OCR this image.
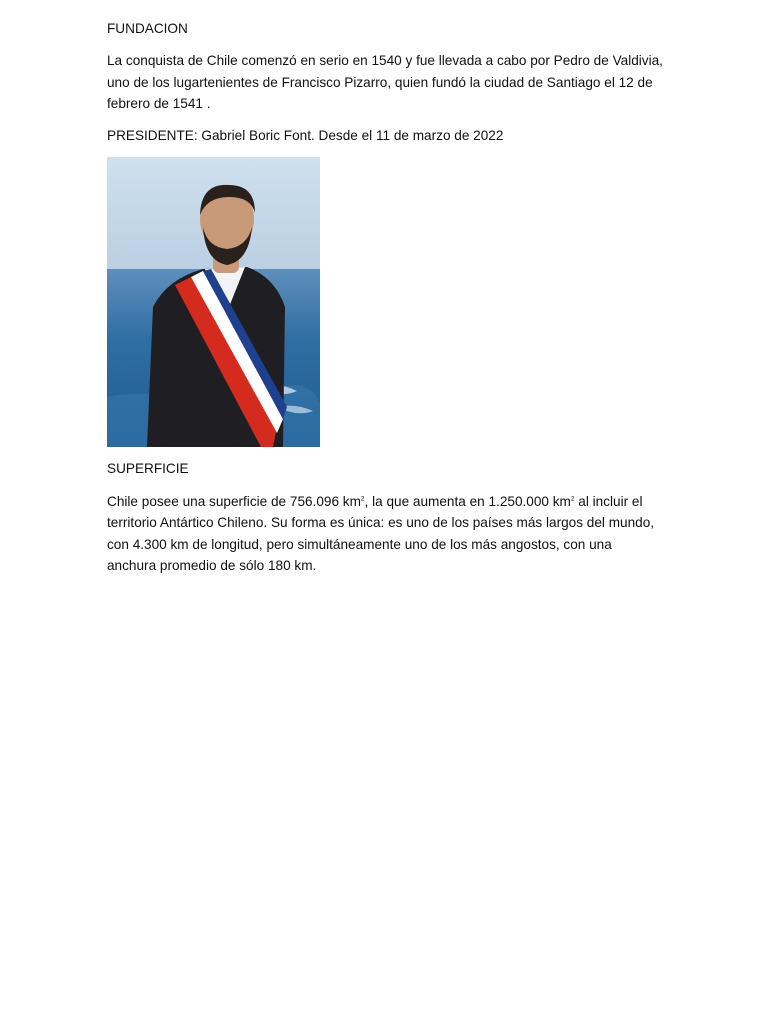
FUNDACION

La conquista de Chile comenzó en serio en 1540 y fue llevada a cabo por Pedro de Valdivia, uno de los lugartenientes de Francisco Pizarro, quien fundó la ciudad de Santiago el 12 de febrero de 1541 .

PRESIDENTE: Gabriel Boric Font. Desde el 11 de marzo de 2022

SUPERFICIE

Chile posee una superficie de 756.096 $km^2$, la que aumenta en 1.250.000 $km^2$ al incluir el territorio Antártico Chileno. Su forma es única: es uno de los países más largos del mundo, con 4.300 km de longitud, pero simultáneamente uno de los más angostos, con una anchura promedio de sólo 180 km.
